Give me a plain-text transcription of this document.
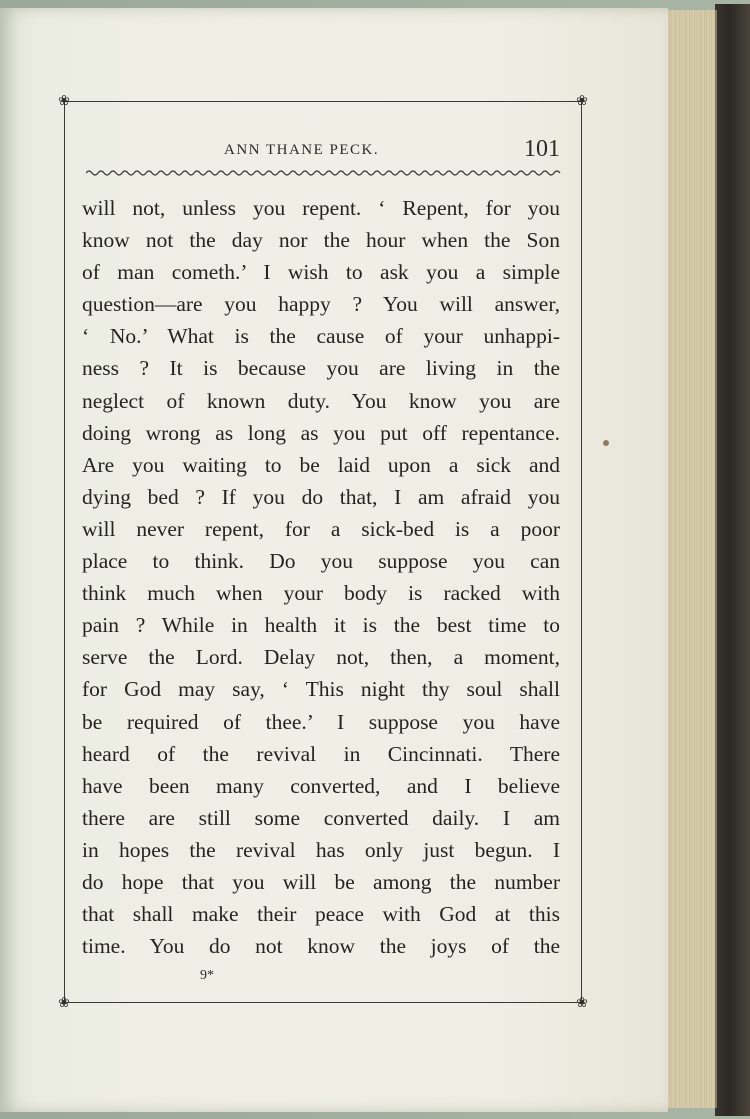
❀	❀
❀	❀
ANN THANE PECK.	101
will not, unless you repent. ‘ Repent, for you
know not the day nor the hour when the Son
of man cometh.’ I wish to ask you a simple
question—are you happy ? You will answer,
‘ No.’ What is the cause of your unhappi-
ness ? It is because you are living in the
neglect of known duty. You know you are
doing wrong as long as you put off repentance.
Are you waiting to be laid upon a sick and
dying bed ? If you do that, I am afraid you
will never repent, for a sick-bed is a poor
place to think. Do you suppose you can
think much when your body is racked with
pain ? While in health it is the best time to
serve the Lord. Delay not, then, a moment,
for God may say, ‘ This night thy soul shall
be required of thee.’ I suppose you have
heard of the revival in Cincinnati. There
have been many converted, and I believe
there are still some converted daily. I am
in hopes the revival has only just begun. I
do hope that you will be among the number
that shall make their peace with God at this
time. You do not know the joys of the
9*
